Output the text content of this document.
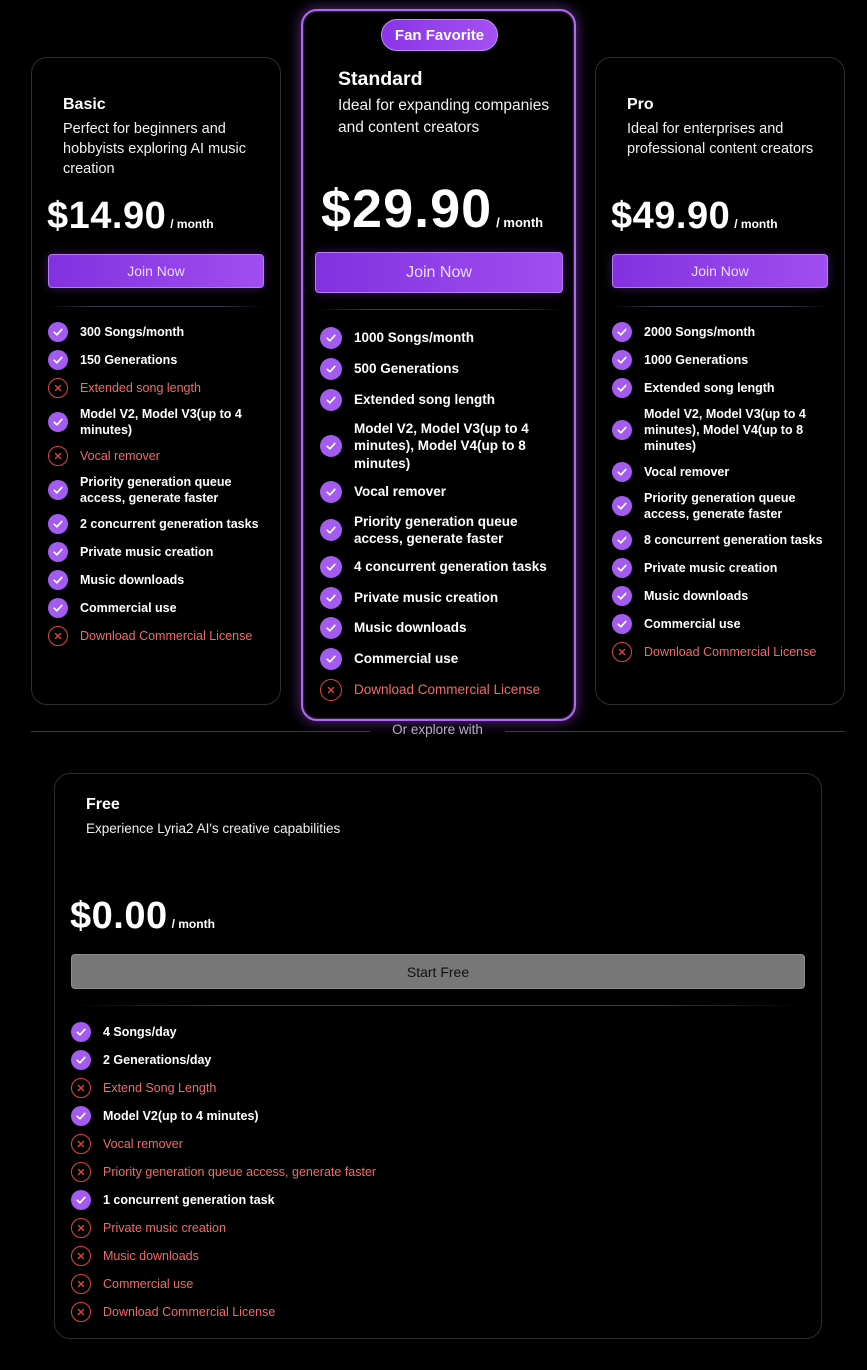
Basic
Perfect for beginners and hobbyists exploring AI music creation
$14.90 / month
Join Now
300 Songs/month
150 Generations
Extended song length
Model V2, Model V3(up to 4 minutes)
Vocal remover
Priority generation queue access, generate faster
2 concurrent generation tasks
Private music creation
Music downloads
Commercial use
Download Commercial License
Fan Favorite
Standard
Ideal for expanding companies and content creators
$29.90 / month
Join Now
1000 Songs/month
500 Generations
Extended song length
Model V2, Model V3(up to 4 minutes), Model V4(up to 8 minutes)
Vocal remover
Priority generation queue access, generate faster
4 concurrent generation tasks
Private music creation
Music downloads
Commercial use
Download Commercial License
Pro
Ideal for enterprises and professional content creators
$49.90 / month
Join Now
2000 Songs/month
1000 Generations
Extended song length
Model V2, Model V3(up to 4 minutes), Model V4(up to 8 minutes)
Vocal remover
Priority generation queue access, generate faster
8 concurrent generation tasks
Private music creation
Music downloads
Commercial use
Download Commercial License
Or explore with
Free
Experience Lyria2 AI's creative capabilities
$0.00 / month
Start Free
4 Songs/day
2 Generations/day
Extend Song Length
Model V2(up to 4 minutes)
Vocal remover
Priority generation queue access, generate faster
1 concurrent generation task
Private music creation
Music downloads
Commercial use
Download Commercial License
